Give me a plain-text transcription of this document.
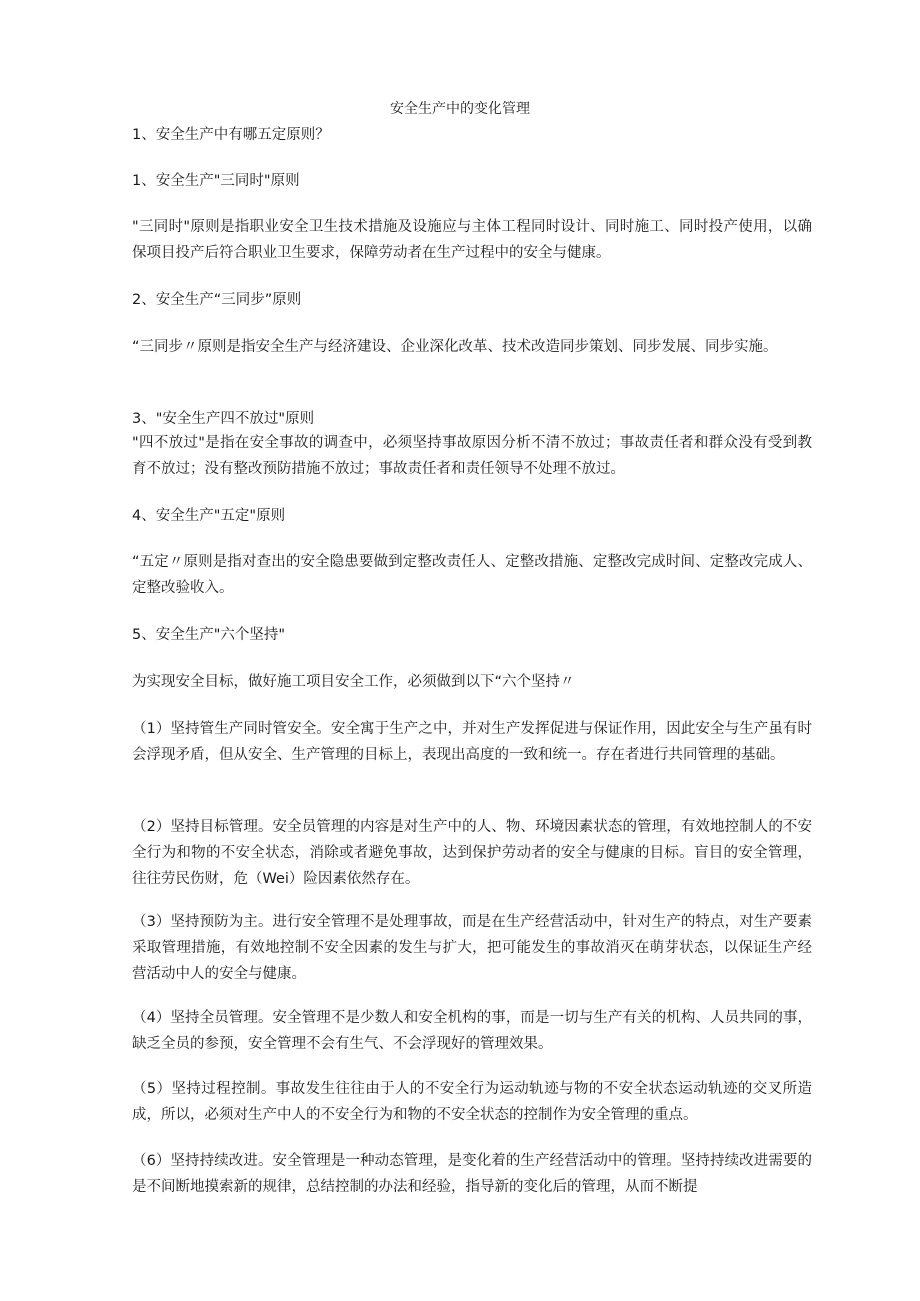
安全生产中的变化管理
1、安全生产中有哪五定原则？
1、安全生产"三同时"原则
"三同时"原则是指职业安全卫生技术措施及设施应与主体工程同时设计、同时施工、同时投产使用，以确保项目投产后符合职业卫生要求，保障劳动者在生产过程中的安全与健康。
2、安全生产“三同步”原则
“三同步〃原则是指安全生产与经济建设、企业深化改革、技术改造同步策划、同步发展、同步实施。
3、"安全生产四不放过"原则
"四不放过"是指在安全事故的调查中，必须坚持事故原因分析不清不放过；事故责任者和群众没有受到教育不放过；没有整改预防措施不放过；事故责任者和责任领导不处理不放过。
4、安全生产"五定"原则
“五定〃原则是指对查出的安全隐患要做到定整改责任人、定整改措施、定整改完成时间、定整改完成人、定整改验收入。
5、安全生产"六个坚持"
为实现安全目标，做好施工项目安全工作，必须做到以下“六个坚持〃
（1）坚持管生产同时管安全。安全寓于生产之中，并对生产发挥促进与保证作用，因此安全与生产虽有时会浮现矛盾，但从安全、生产管理的目标上，表现出高度的一致和统一。存在者进行共同管理的基础。
（2）坚持目标管理。安全员管理的内容是对生产中的人、物、环境因素状态的管理，有效地控制人的不安全行为和物的不安全状态，消除或者避免事故，达到保护劳动者的安全与健康的目标。盲目的安全管理，往往劳民伤财，危（Wei）险因素依然存在。
（3）坚持预防为主。进行安全管理不是处理事故，而是在生产经营活动中，针对生产的特点，对生产要素采取管理措施，有效地控制不安全因素的发生与扩大，把可能发生的事故消灭在萌芽状态，以保证生产经营活动中人的安全与健康。
（4）坚持全员管理。安全管理不是少数人和安全机构的事，而是一切与生产有关的机构、人员共同的事，缺乏全员的参预，安全管理不会有生气、不会浮现好的管理效果。
（5）坚持过程控制。事故发生往往由于人的不安全行为运动轨迹与物的不安全状态运动轨迹的交叉所造成，所以，必须对生产中人的不安全行为和物的不安全状态的控制作为安全管理的重点。
（6）坚持持续改进。安全管理是一种动态管理，是变化着的生产经营活动中的管理。坚持持续改进需要的是不间断地摸索新的规律，总结控制的办法和经验，指导新的变化后的管理，从而不断提
